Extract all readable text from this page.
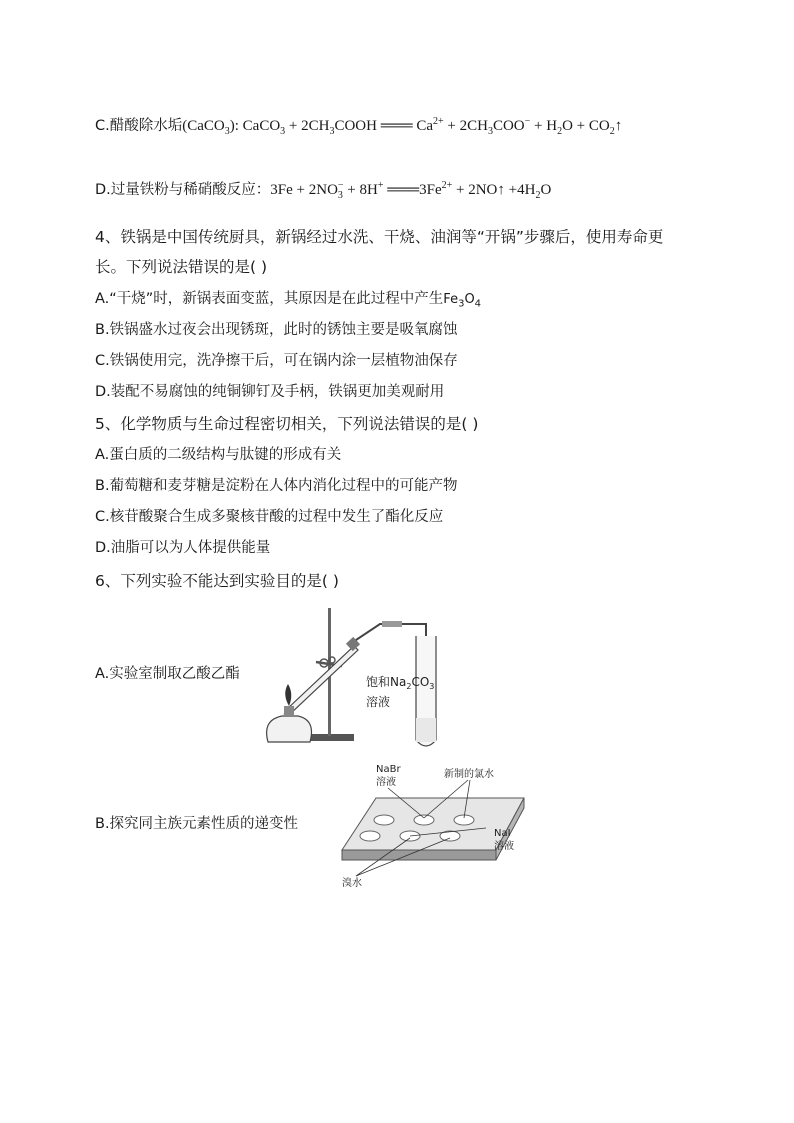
C.醋酸除水垢(CaCO$_3$): CaCO$_3$ + $2CH_3COOH$ ═══ $Ca^{2+} + 2CH_3COO^- + H_2O$ + $CO_2↑$
D.过量铁粉与稀硝酸反应：$3Fe + 2NO_3^- + 8H^+$ $═══3Fe^{2+}$ + 2NO↑ $+4H_2O$
4、铁锅是中国传统厨具，新锅经过水洗、干烧、油润等“开锅”步骤后，使用寿命更
长。下列说法错误的是( )
A.“干烧”时，新锅表面变蓝，其原因是在此过程中产生$Fe_3O_4$
B.铁锅盛水过夜会出现锈斑，此时的锈蚀主要是吸氧腐蚀
C.铁锅使用完，洗净擦干后，可在锅内涂一层植物油保存
D.装配不易腐蚀的纯铜铆钉及手柄，铁锅更加美观耐用
5、化学物质与生命过程密切相关，下列说法错误的是( )
A.蛋白质的二级结构与肽键的形成有关
B.葡萄糖和麦芽糖是淀粉在人体内消化过程中的可能产物
C.核苷酸聚合生成多聚核苷酸的过程中发生了酯化反应
D.油脂可以为人体提供能量
6、下列实验不能达到实验目的是( )
A.实验室制取乙酸乙酯
B.探究同主族元素性质的递变性
饱和$Na_2CO_3$
溶液
NaBr
溶液
新制的氯水
NaI
溶液
溴水
